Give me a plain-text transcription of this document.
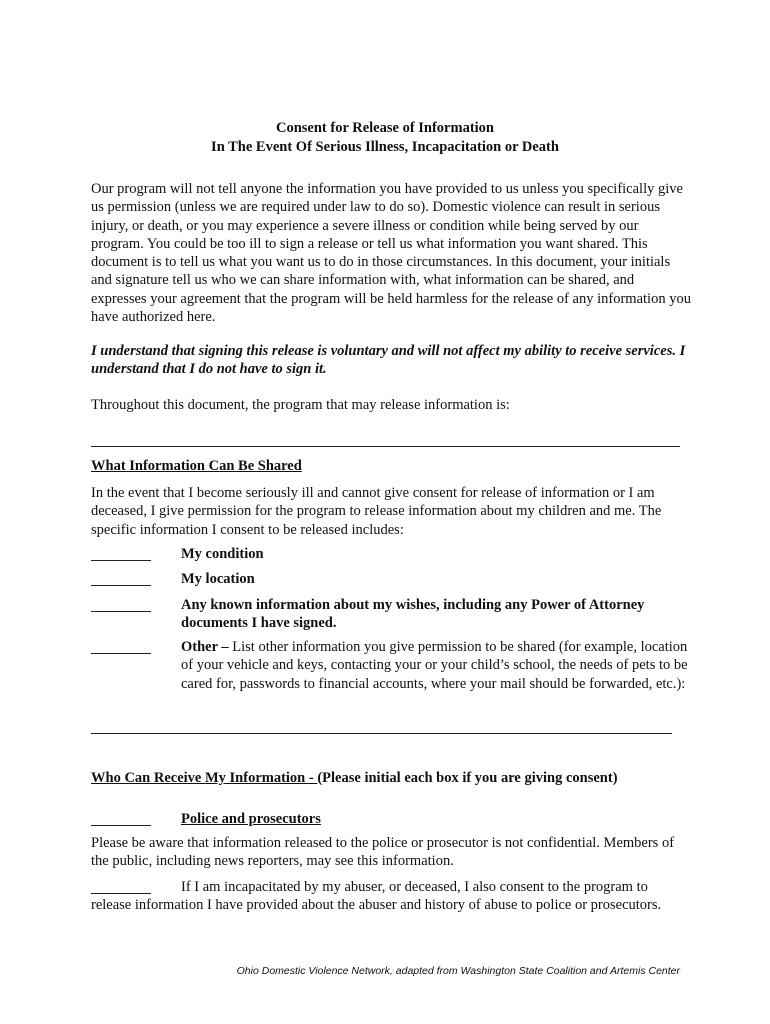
Consent for Release of Information
In The Event Of Serious Illness, Incapacitation or Death
Our program will not tell anyone the information you have provided to us unless you specifically give us permission (unless we are required under law to do so). Domestic violence can result in serious injury, or death, or you may experience a severe illness or condition while being served by our program. You could be too ill to sign a release or tell us what information you want shared. This document is to tell us what you want us to do in those circumstances. In this document, your initials and signature tell us who we can share information with, what information can be shared, and expresses your agreement that the program will be held harmless for the release of any information you have authorized here.
I understand that signing this release is voluntary and will not affect my ability to receive services. I understand that I do not have to sign it.
Throughout this document, the program that may release information is:
What Information Can Be Shared
In the event that I become seriously ill and cannot give consent for release of information or I am deceased, I give permission for the program to release information about my children and me. The specific information I consent to be released includes:
My condition
My location
Any known information about my wishes, including any Power of Attorney documents I have signed.
Other – List other information you give permission to be shared (for example, location of your vehicle and keys, contacting your or your child’s school, the needs of pets to be cared for, passwords to financial accounts, where your mail should be forwarded, etc.):
Who Can Receive My Information - (Please initial each box if you are giving consent)
Police and prosecutors
Please be aware that information released to the police or prosecutor is not confidential. Members of the public, including news reporters, may see this information.
If I am incapacitated by my abuser, or deceased, I also consent to the program to
release information I have provided about the abuser and history of abuse to police or prosecutors.
Ohio Domestic Violence Network, adapted from Washington State Coalition and Artemis Center
